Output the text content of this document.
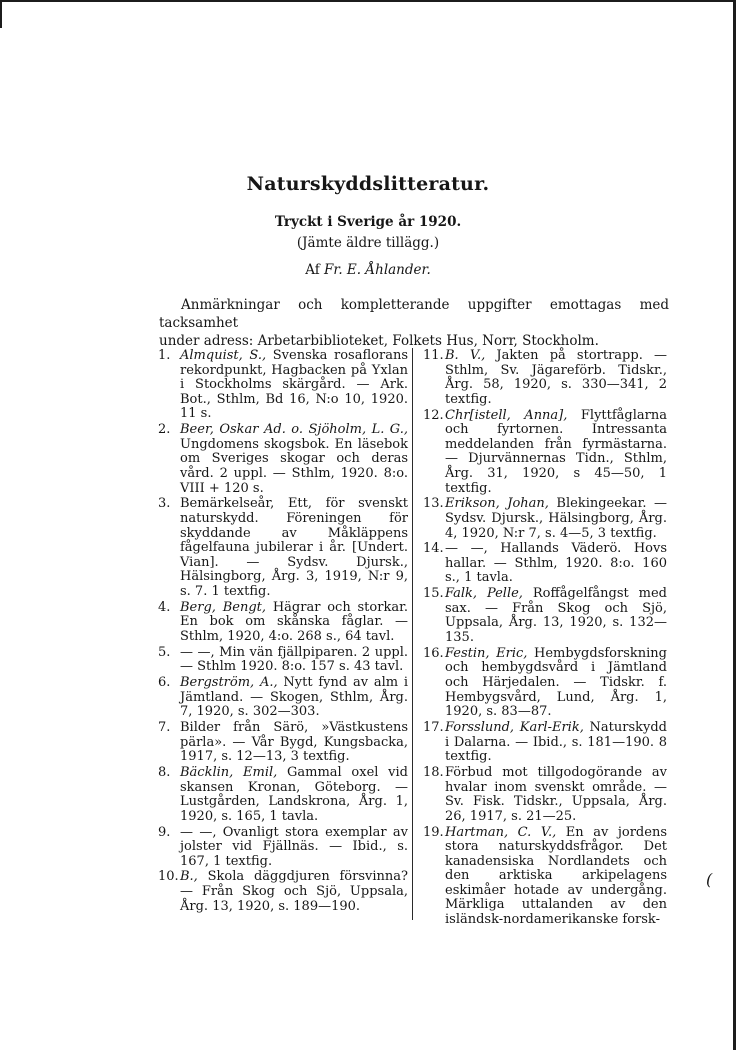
Naturskyddslitteratur.
Tryckt i Sverige år 1920.
(Jämte äldre tillägg.)
Af Fr. E. Åhlander.
Anmärkningar och kompletterande uppgifter emottagas med tacksamhet
under adress: Arbetarbiblioteket, Folkets Hus, Norr, Stockholm.
1. Almquist, S., Svenska rosaflorans rekordpunkt, Hagbacken på Yxlan i Stockholms skärgård. — Ark. Bot., Sthlm, Bd 16, N:o 10, 1920. 11 s.
2. Beer, Oskar Ad. o. Sjöholm, L. G., Ungdomens skogsbok. En läsebok om Sveriges skogar och deras vård. 2 uppl. — Sthlm, 1920. 8:o. VIII + 120 s.
3. Bemärkelseår, Ett, för svenskt naturskydd. Föreningen för skyddande av Måkläppens fågelfauna jubilerar i år. [Undert. Vian]. — Sydsv. Djursk., Hälsingborg, Årg. 3, 1919, N:r 9, s. 7. 1 textfig.
4. Berg, Bengt, Hägrar och storkar. En bok om skånska fåglar. — Sthlm, 1920, 4:o. 268 s., 64 tavl.
5. — —, Min vän fjällpiparen. 2 uppl. — Sthlm 1920. 8:o. 157 s. 43 tavl.
6. Bergström, A., Nytt fynd av alm i Jämtland. — Skogen, Sthlm, Årg. 7, 1920, s. 302—303.
7. Bilder från Särö, »Västkustens pärla». — Vår Bygd, Kungsbacka, 1917, s. 12—13, 3 textfig.
8. Bäcklin, Emil, Gammal oxel vid skansen Kronan, Göteborg. — Lustgården, Landskrona, Årg. 1, 1920, s. 165, 1 tavla.
9. — —, Ovanligt stora exemplar av jolster vid Fjällnäs. — Ibid., s. 167, 1 textfig.
10. B., Skola däggdjuren försvinna? — Från Skog och Sjö, Uppsala, Årg. 13, 1920, s. 189—190.
11. B. V., Jakten på stortrapp. — Sthlm, Sv. Jägareförb. Tidskr., Årg. 58, 1920, s. 330—341, 2 textfig.
12. Chr[istell, Anna], Flyttfåglarna och fyrtornen. Intressanta meddelanden från fyrmästarna. — Djurvännernas Tidn., Sthlm, Årg. 31, 1920, s 45—50, 1 textfig.
13. Erikson, Johan, Blekingeekar. — Sydsv. Djursk., Hälsingborg, Årg. 4, 1920, N:r 7, s. 4—5, 3 textfig.
14. — —, Hallands Väderö. Hovs hallar. — Sthlm, 1920. 8:o. 160 s., 1 tavla.
15. Falk, Pelle, Roffågelfångst med sax. — Från Skog och Sjö, Uppsala, Årg. 13, 1920, s. 132—135.
16. Festin, Eric, Hembygdsforskning och hembygdsvård i Jämtland och Härjedalen. — Tidskr. f. Hembygsvård, Lund, Årg. 1, 1920, s. 83—87.
17. Forsslund, Karl-Erik, Naturskydd i Dalarna. — Ibid., s. 181—190. 8 textfig.
18. Förbud mot tillgodogörande av hvalar inom svenskt område. — Sv. Fisk. Tidskr., Uppsala, Årg. 26, 1917, s. 21—25.
19. Hartman, C. V., En av jordens stora naturskyddsfrågor. Det kanadensiska Nordlandets och den arktiska arkipelagens eskimåer hotade av undergång. Märkliga uttalanden av den isländsk-nordamerikanske forsk-
(
